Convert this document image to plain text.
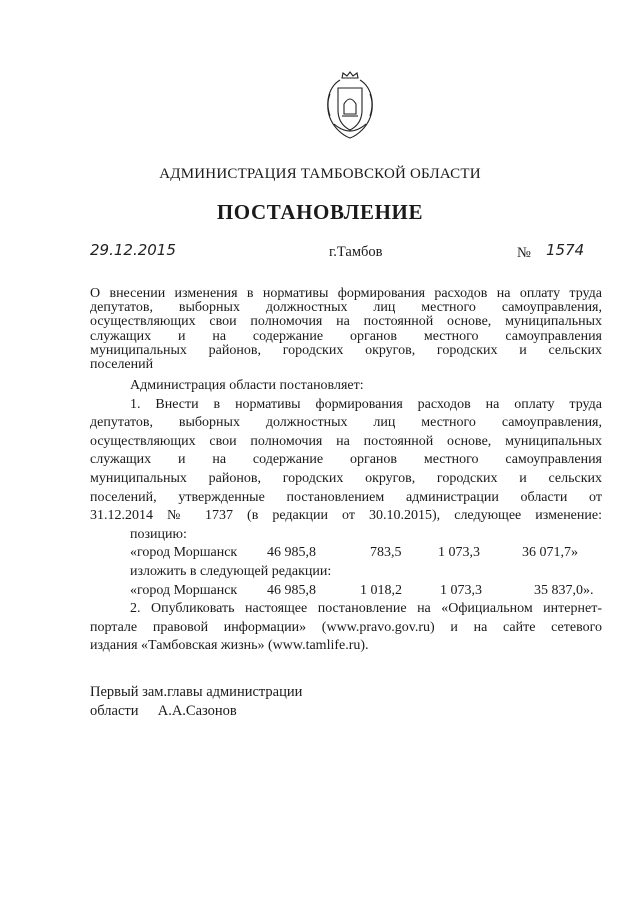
АДМИНИСТРАЦИЯ ТАМБОВСКОЙ ОБЛАСТИ
ПОСТАНОВЛЕНИЕ
29.12.2015	г.Тамбов	№ 1574
О внесении изменения в нормативы формирования расходов на оплату труда
депутатов, выборных должностных лиц местного самоуправления,
осуществляющих свои полномочия на постоянной основе, муниципальных
служащих и на содержание органов местного самоуправления
муниципальных районов, городских округов, городских и сельских
поселений

Администрация области постановляет:

1. Внести в нормативы формирования расходов на оплату труда
депутатов, выборных должностных лиц местного самоуправления,
осуществляющих свои полномочия на постоянной основе, муниципальных
служащих и на содержание органов местного самоуправления
муниципальных районов, городских округов, городских и сельских
поселений, утвержденные постановлением администрации области от
31.12.2014 № 1737 (в редакции от 30.10.2015), следующее изменение:

позицию:

«город Моршанск 46 985,8	783,5	1 073,3	36 071,7»

изложить в следующей редакции:

«город Моршанск 46 985,8	1 018,2	1 073,3	35 837,0».
2. Опубликовать настоящее постановление на «Официальном интернет-
портале правовой информации» (www.pravo.gov.ru) и на сайте сетевого
издания «Тамбовская жизнь» (www.tamlife.ru).
Первый зам.главы администрации
области А.А.Сазонов
